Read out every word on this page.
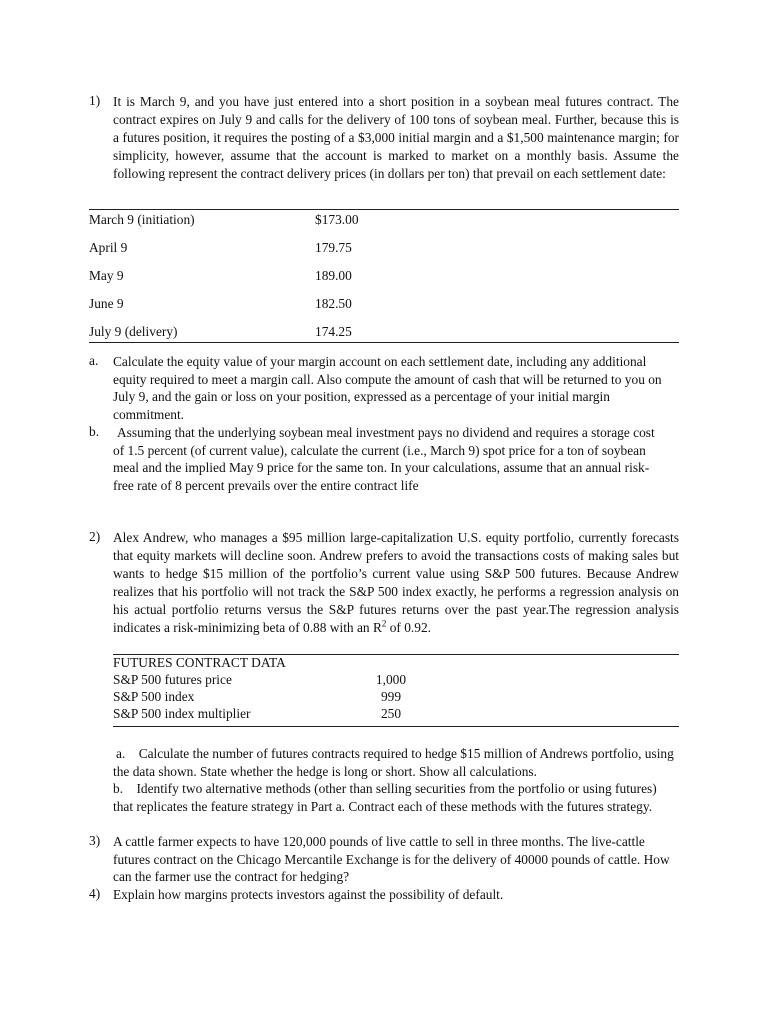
1) It is March 9, and you have just entered into a short position in a soybean meal futures contract. The contract expires on July 9 and calls for the delivery of 100 tons of soybean meal. Further, because this is a futures position, it requires the posting of a $3,000 initial margin and a $1,500 maintenance margin; for simplicity, however, assume that the account is marked to market on a monthly basis. Assume the following represent the contract delivery prices (in dollars per ton) that prevail on each settlement date:

March 9 (initiation)	$173.00
April 9	179.75
May 9	189.00
June 9	182.50
July 9 (delivery)	174.25
a. Calculate the equity value of your margin account on each settlement date, including any additional equity required to meet a margin call. Also compute the amount of cash that will be returned to you on July 9, and the gain or loss on your position, expressed as a percentage of your initial margin commitment.

b. Assuming that the underlying soybean meal investment pays no dividend and requires a storage cost of 1.5 percent (of current value), calculate the current (i.e., March 9) spot price for a ton of soybean meal and the implied May 9 price for the same ton. In your calculations, assume that an annual risk-free rate of 8 percent prevails over the entire contract life

2) Alex Andrew, who manages a $95 million large-capitalization U.S. equity portfolio, currently forecasts that equity markets will decline soon. Andrew prefers to avoid the transactions costs of making sales but wants to hedge $15 million of the portfolio’s current value using S&P 500 futures. Because Andrew realizes that his portfolio will not track the S&P 500 index exactly, he performs a regression analysis on his actual portfolio returns versus the S&P futures returns over the past year.The regression analysis indicates a risk-minimizing beta of 0.88 with an $R^2$ of 0.92.

FUTURES CONTRACT DATA
S&P 500 futures price	1,000
S&P 500 index	999
S&P 500 index multiplier	250

a. Calculate the number of futures contracts required to hedge $15 million of Andrews portfolio, using the data shown. State whether the hedge is long or short. Show all calculations.

b. Identify two alternative methods (other than selling securities from the portfolio or using futures) that replicates the feature strategy in Part a. Contract each of these methods with the futures strategy.

3) A cattle farmer expects to have 120,000 pounds of live cattle to sell in three months. The live-cattle futures contract on the Chicago Mercantile Exchange is for the delivery of 40000 pounds of cattle. How can the farmer use the contract for hedging?

4) Explain how margins protects investors against the possibility of default.
